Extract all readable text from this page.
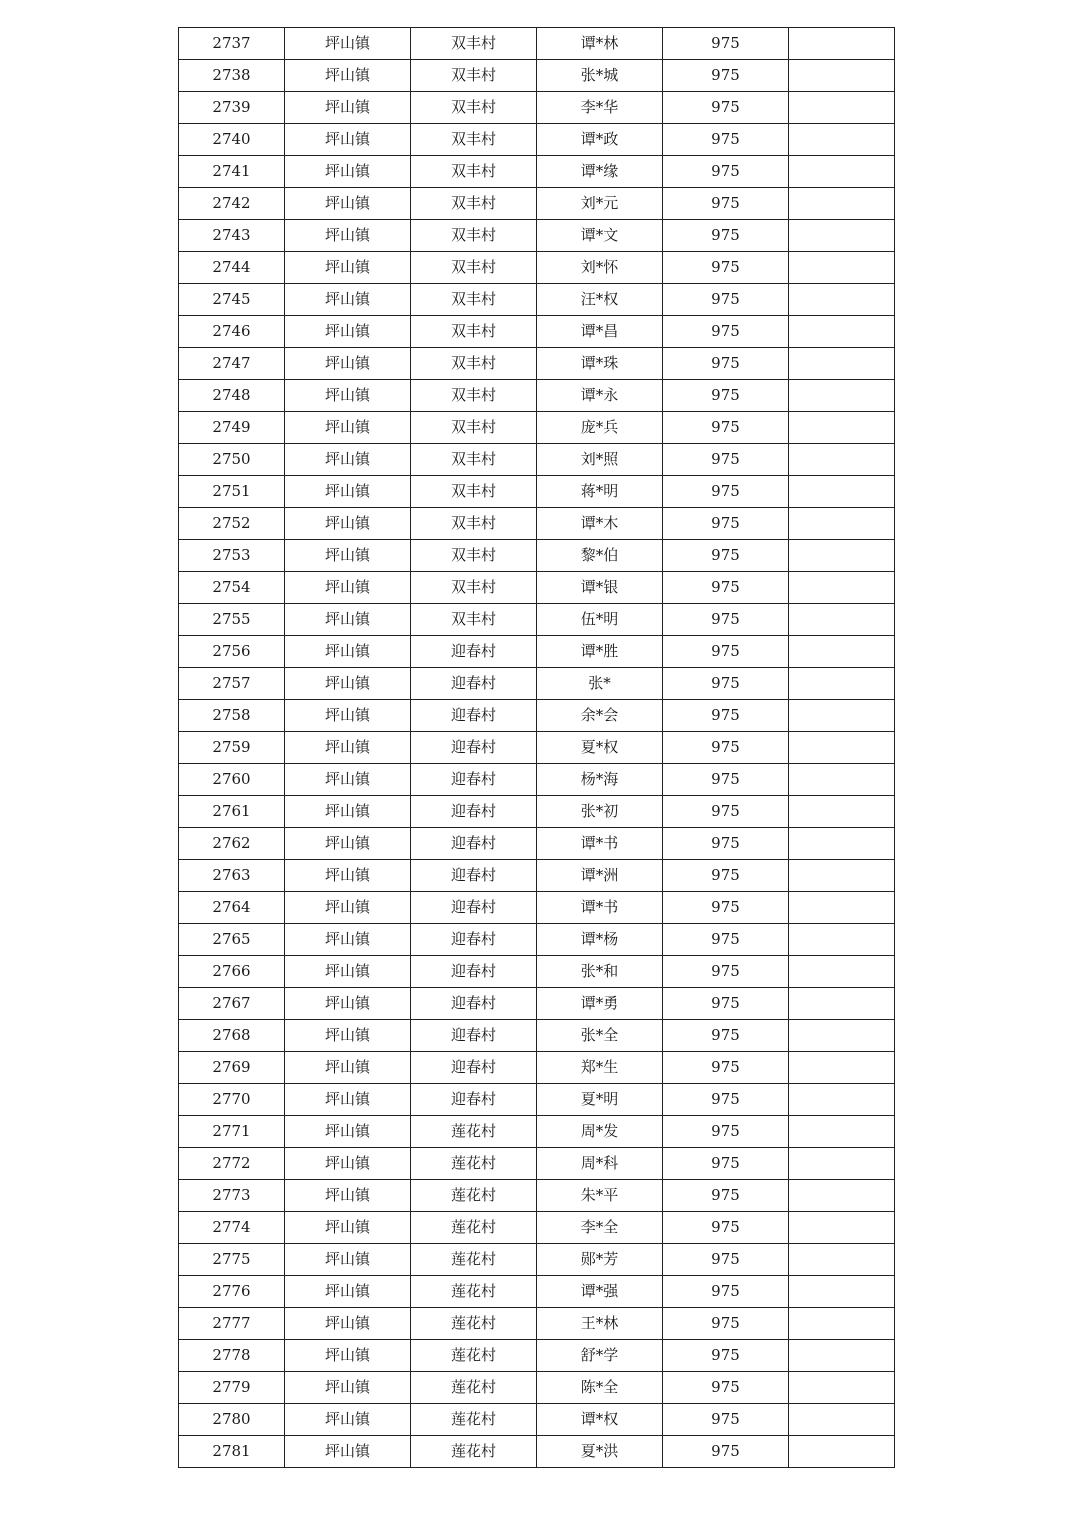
2737	坪山镇	双丰村	谭*林	975	
2738	坪山镇	双丰村	张*城	975	
2739	坪山镇	双丰村	李*华	975	
2740	坪山镇	双丰村	谭*政	975	
2741	坪山镇	双丰村	谭*缘	975	
2742	坪山镇	双丰村	刘*元	975	
2743	坪山镇	双丰村	谭*文	975	
2744	坪山镇	双丰村	刘*怀	975	
2745	坪山镇	双丰村	汪*权	975	
2746	坪山镇	双丰村	谭*昌	975	
2747	坪山镇	双丰村	谭*珠	975	
2748	坪山镇	双丰村	谭*永	975	
2749	坪山镇	双丰村	庞*兵	975	
2750	坪山镇	双丰村	刘*照	975	
2751	坪山镇	双丰村	蒋*明	975	
2752	坪山镇	双丰村	谭*木	975	
2753	坪山镇	双丰村	黎*伯	975	
2754	坪山镇	双丰村	谭*银	975	
2755	坪山镇	双丰村	伍*明	975	
2756	坪山镇	迎春村	谭*胜	975	
2757	坪山镇	迎春村	张*	975	
2758	坪山镇	迎春村	余*会	975	
2759	坪山镇	迎春村	夏*权	975	
2760	坪山镇	迎春村	杨*海	975	
2761	坪山镇	迎春村	张*初	975	
2762	坪山镇	迎春村	谭*书	975	
2763	坪山镇	迎春村	谭*洲	975	
2764	坪山镇	迎春村	谭*书	975	
2765	坪山镇	迎春村	谭*杨	975	
2766	坪山镇	迎春村	张*和	975	
2767	坪山镇	迎春村	谭*勇	975	
2768	坪山镇	迎春村	张*全	975	
2769	坪山镇	迎春村	郑*生	975	
2770	坪山镇	迎春村	夏*明	975	
2771	坪山镇	莲花村	周*发	975	
2772	坪山镇	莲花村	周*科	975	
2773	坪山镇	莲花村	朱*平	975	
2774	坪山镇	莲花村	李*全	975	
2775	坪山镇	莲花村	郧*芳	975	
2776	坪山镇	莲花村	谭*强	975	
2777	坪山镇	莲花村	王*林	975	
2778	坪山镇	莲花村	舒*学	975	
2779	坪山镇	莲花村	陈*全	975	
2780	坪山镇	莲花村	谭*权	975	
2781	坪山镇	莲花村	夏*洪	975	
